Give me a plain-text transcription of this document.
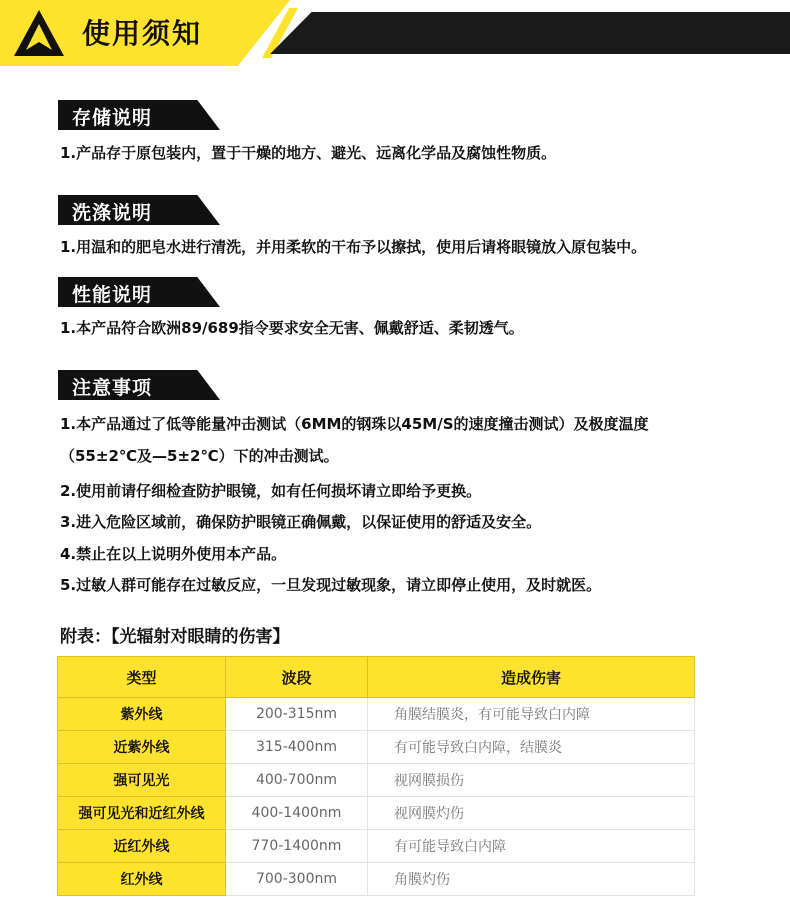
使用须知
存储说明
1.产品存于原包装内，置于干燥的地方、避光、远离化学品及腐蚀性物质。
洗涤说明
1.用温和的肥皂水进行清洗，并用柔软的干布予以擦拭，使用后请将眼镜放入原包装中。
性能说明
1.本产品符合欧洲89/689指令要求安全无害、佩戴舒适、柔韧透气。
注意事项
1.本产品通过了低等能量冲击测试（6MM的钢珠以45M/S的速度撞击测试）及极度温度
（55±2℃及—5±2℃）下的冲击测试。
2.使用前请仔细检查防护眼镜，如有任何损坏请立即给予更换。
3.进入危险区域前，确保防护眼镜正确佩戴，以保证使用的舒适及安全。
4.禁止在以上说明外使用本产品。
5.过敏人群可能存在过敏反应，一旦发现过敏现象，请立即停止使用，及时就医。
附表：【光辐射对眼睛的伤害】
类型	波段	造成伤害
紫外线	200-315nm	角膜结膜炎，有可能导致白内障
近紫外线	315-400nm	有可能导致白内障，结膜炎
强可见光	400-700nm	视网膜损伤
强可见光和近红外线	400-1400nm	视网膜灼伤
近红外线	770-1400nm	有可能导致白内障
红外线	700-300nm	角膜灼伤
